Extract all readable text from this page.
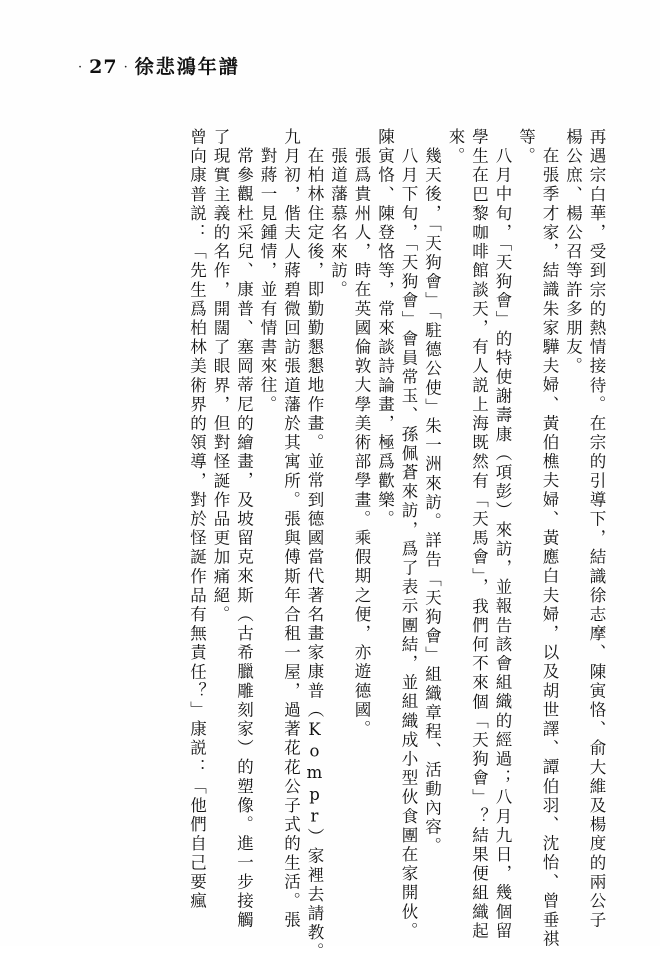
· 27 · 徐悲鴻年譜
曾向康普説：「先生爲柏林美術界的領導，對於怪誕作品有無責任？」康説：「他們自己要瘋 了現實主義的名作，開闊了眼界，但對怪誕作品更加痛絕。 常參觀杜采兒、康普、塞岡蒂尼的繪畫，及坡留克來斯（古希臘雕刻家）的塑像。進一步接觸 對蔣一見鍾情，並有情書來往。 九月初，偕夫人蔣碧微回訪張道藩於其寓所。張與傅斯年合租一屋，過著花花公子式的生活。張 在柏林住定後，即勤勤懇懇地作畫。並常到德國當代著名畫家康普（Kompr）家裡去請教。 張道藩慕名來訪。 張爲貴州人，時在英國倫敦大學美術部學畫。乘假期之便，亦遊德國。 陳寅恪、陳登恪等，常來談詩論畫，極爲歡樂。 八月下旬，「天狗會」會員常玉、孫佩蒼來訪，爲了表示團結，並組織成小型伙食團在家開伙。 幾天後，「天狗會」「駐德公使」朱一洲來訪。詳告「天狗會」組織章程、活動內容。 來。 學生在巴黎咖啡館談天，有人説上海既然有「天馬會」，我們何不來個「天狗會」？結果便組織起 八月中旬，「天狗會」的特使謝壽康（項彭）來訪，並報告該會組織的經過；八月九日，幾個留 等。 在張季才家，結識朱家驊夫婦、黃伯樵夫婦、黃應白夫婦，以及胡世譯、譚伯羽、沈怡、曾垂祺 楊公庶、楊公召等許多朋友。 再遇宗白華，受到宗的熱情接待。在宗的引導下，結識徐志摩、陳寅恪、俞大維及楊度的兩公子
